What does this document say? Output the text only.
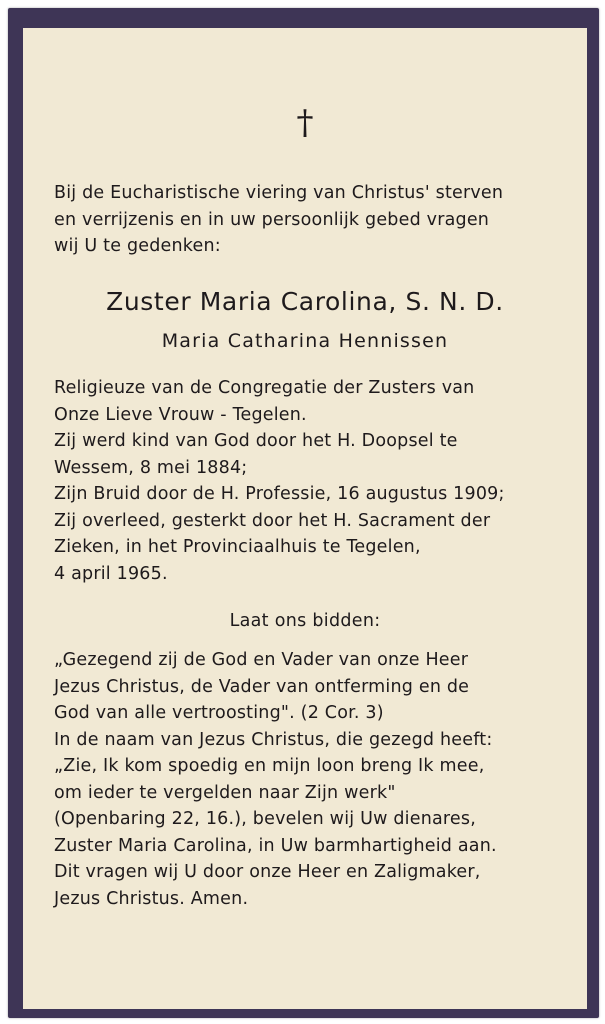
†
Bij de Eucharistische viering van Christus' sterven
en verrijzenis en in uw persoonlijk gebed vragen
wij U te gedenken:
Zuster Maria Carolina, S. N. D.
Maria Catharina Hennissen
Religieuze van de Congregatie der Zusters van
Onze Lieve Vrouw - Tegelen.
Zij werd kind van God door het H. Doopsel te
Wessem, 8 mei 1884;
Zijn Bruid door de H. Professie, 16 augustus 1909;
Zij overleed, gesterkt door het H. Sacrament der
Zieken, in het Provinciaalhuis te Tegelen,
4 april 1965.
Laat ons bidden:
„Gezegend zij de God en Vader van onze Heer
Jezus Christus, de Vader van ontferming en de
God van alle vertroosting". (2 Cor. 3)
In de naam van Jezus Christus, die gezegd heeft:
„Zie, Ik kom spoedig en mijn loon breng Ik mee,
om ieder te vergelden naar Zijn werk"
(Openbaring 22, 16.), bevelen wij Uw dienares,
Zuster Maria Carolina, in Uw barmhartigheid aan.
Dit vragen wij U door onze Heer en Zaligmaker,
Jezus Christus. Amen.
